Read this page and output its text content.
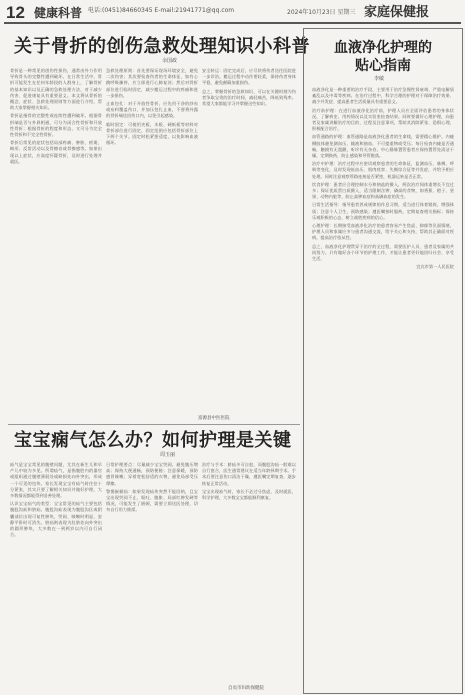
12 健康科普 电话:(0451)84660345 E-mail:21941771@qq.com	2024年10月23日 星期三 家庭保健报
关于骨折的创伤急救处理知识小科普
余国政

骨折是一种常见的创伤性损伤，通常由外力作用导致骨头的完整性遭到破坏。在日常生活中，骨折可能发生在任何年龄段的人群身上，了解骨折的基本知识以及正确的急救处理方法，对于减少伤害、促进康复具有重要意义。本文将从骨折的概念、症状、急救处理原则等方面进行介绍，帮助大家掌握相关知识。

骨折是指骨的完整性或连续性遭到破坏。根据骨折端是否与外界相通，可分为闭合性骨折和开放性骨折；根据骨折的程度和形态，又可分为完全性骨折和不完全性骨折。

骨折后常见的症状包括局部疼痛、肿胀、瘀斑、畸形、反常活动以及骨擦音或骨擦感等。如果出现以上症状，应高度怀疑骨折，及时进行处理并就医。

急救处理原则：首先要保证现场环境安全，避免二次伤害；其次要检查伤者的生命体征，如有心跳呼吸骤停，应立即进行心肺复苏；然后对骨折部位进行临时固定，减少搬运过程中的疼痛和进一步损伤。

止血包扎：对于开放性骨折，应先用干净的纱布或布料覆盖伤口，并加压包扎止血，不要将外露的骨折端送回伤口内，以免引起感染。

临时固定：可使用夹板、木板、硬纸板等材料对骨折部位进行固定，固定范围应包括骨折部位上下两个关节。固定时松紧要适度，以免影响血液循环。

安全转运：固定完成后，应尽快将伤者送往医院进一步诊治。搬运过程中动作要轻柔，保持伤者身体平稳，避免颠簸加重损伤。

总之，掌握骨折的急救知识，可以在关键时刻为伤者争取宝贵的治疗时间，减轻痛苦，降低致残率。希望大家都能学习并掌握这些知识。

富源县中医医院
宝宝痫气怎么办？如何护理是关键
周玉丽

疝气是宝宝常见的腹壁问题，尤其在新生儿和早产儿中较为多见。所谓疝气，是指腹腔内的器官或组织通过腹壁薄弱处或缺损处向外突出，形成一个可见的包块。家长发现宝宝有疝气时往往十分紧张，其实只要了解相关知识并做好护理，大多数情况都能得到妥善处理。

认识宝宝疝气的类型：宝宝常见的疝气主要包括腹股沟疝和脐疝。腹股沟疝表现为腹股沟区或阴囊部位出现可复性肿块，哭闹、咳嗽时明显，安静平卧时可消失。脐疝则表现为肚脐处向外突出的圆形肿块，大多数在一到两岁以内可自行闭合。

日常护理要点：尽量减少宝宝哭闹，避免腹压增高；保持大便通畅，预防便秘；注意保暖，预防感冒咳嗽；穿着宽松舒适的衣物，避免局部受压摩擦。

警惕嵌顿疝：如果发现疝块突然不能回纳，且宝宝出现哭闹不止、呕吐、腹胀、局部红肿发硬等情况，可能发生了嵌顿，需要立即送医处理，切勿自行用力推揉。

治疗与手术：脐疝多可自愈，而腹股沟疝一般难以自行愈合，医生通常建议在适当年龄择期手术。手术后要注意伤口清洁干燥，遵医嘱定期复查，逐步恢复正常活动。

宝宝出现疝气时，家长不必过分焦虑，及时就医、科学护理，大多数宝宝都能顺利康复。

自贡市妇幼保健院
血液净化护理的
贴心指南
李敏

血液净化是一种重要的治疗手段，主要用于治疗急慢性肾衰竭、严重电解质紊乱以及中毒等疾病。在治疗过程中，科学合理的护理对于保障治疗效果、减少并发症、提高患者生活质量具有重要意义。

治疗前护理：在进行血液净化治疗前，护理人员应全面评估患者的身体状况，了解病史、用药情况以及实验室检查结果。同时要做好心理护理，向患者及家属讲解治疗的目的、过程及注意事项，帮助其消除紧张、恐惧心理，积极配合治疗。

血管通路的护理：血管通路是血液净化患者的生命线，需要精心维护。内瘘侧肢体避免测血压、输液和抽血，不可提重物或受压；每日检查内瘘是否通畅，触摸有无震颤，听诊有无杂音。中心静脉置管患者应保持置管处清洁干燥，定期换药，防止感染和导管脱落。

治疗中护理：治疗过程中应密切观察患者的生命体征，监测血压、脉搏、呼吸等变化，及时发现低血压、肌肉痉挛、失衡综合征等并发症，并给予相应处理。同时注意观察管路连接是否紧密，机器运转是否正常。

饮食护理：患者应合理控制水分和钠盐的摄入，两次治疗间体重增长不宜过多；保证优质蛋白质摄入，适当限制含钾、磷高的食物，如香蕉、橙子、坚果、动物内脏等，防止高钾血症和高磷血症的发生。

日常生活指导：指导患者养成规律的作息习惯，适当进行体育锻炼，增强体质；注意个人卫生，预防感染；遵医嘱按时服药，定期复查相关指标；保持乐观积极的心态，树立战胜疾病的信心。

心理护理：长期接受血液净化治疗的患者容易产生焦虑、抑郁等负面情绪，护理人员和家属应多与患者沟通交流，给予关心和支持，帮助其正确面对疾病，提高治疗依从性。

总之，血液净化护理贯穿于治疗的全过程，需要医护人员、患者及家属的共同努力。只有做好各个环节的护理工作，才能让患者更好地回归社会、享受生活。

宜宾市第一人民医院
